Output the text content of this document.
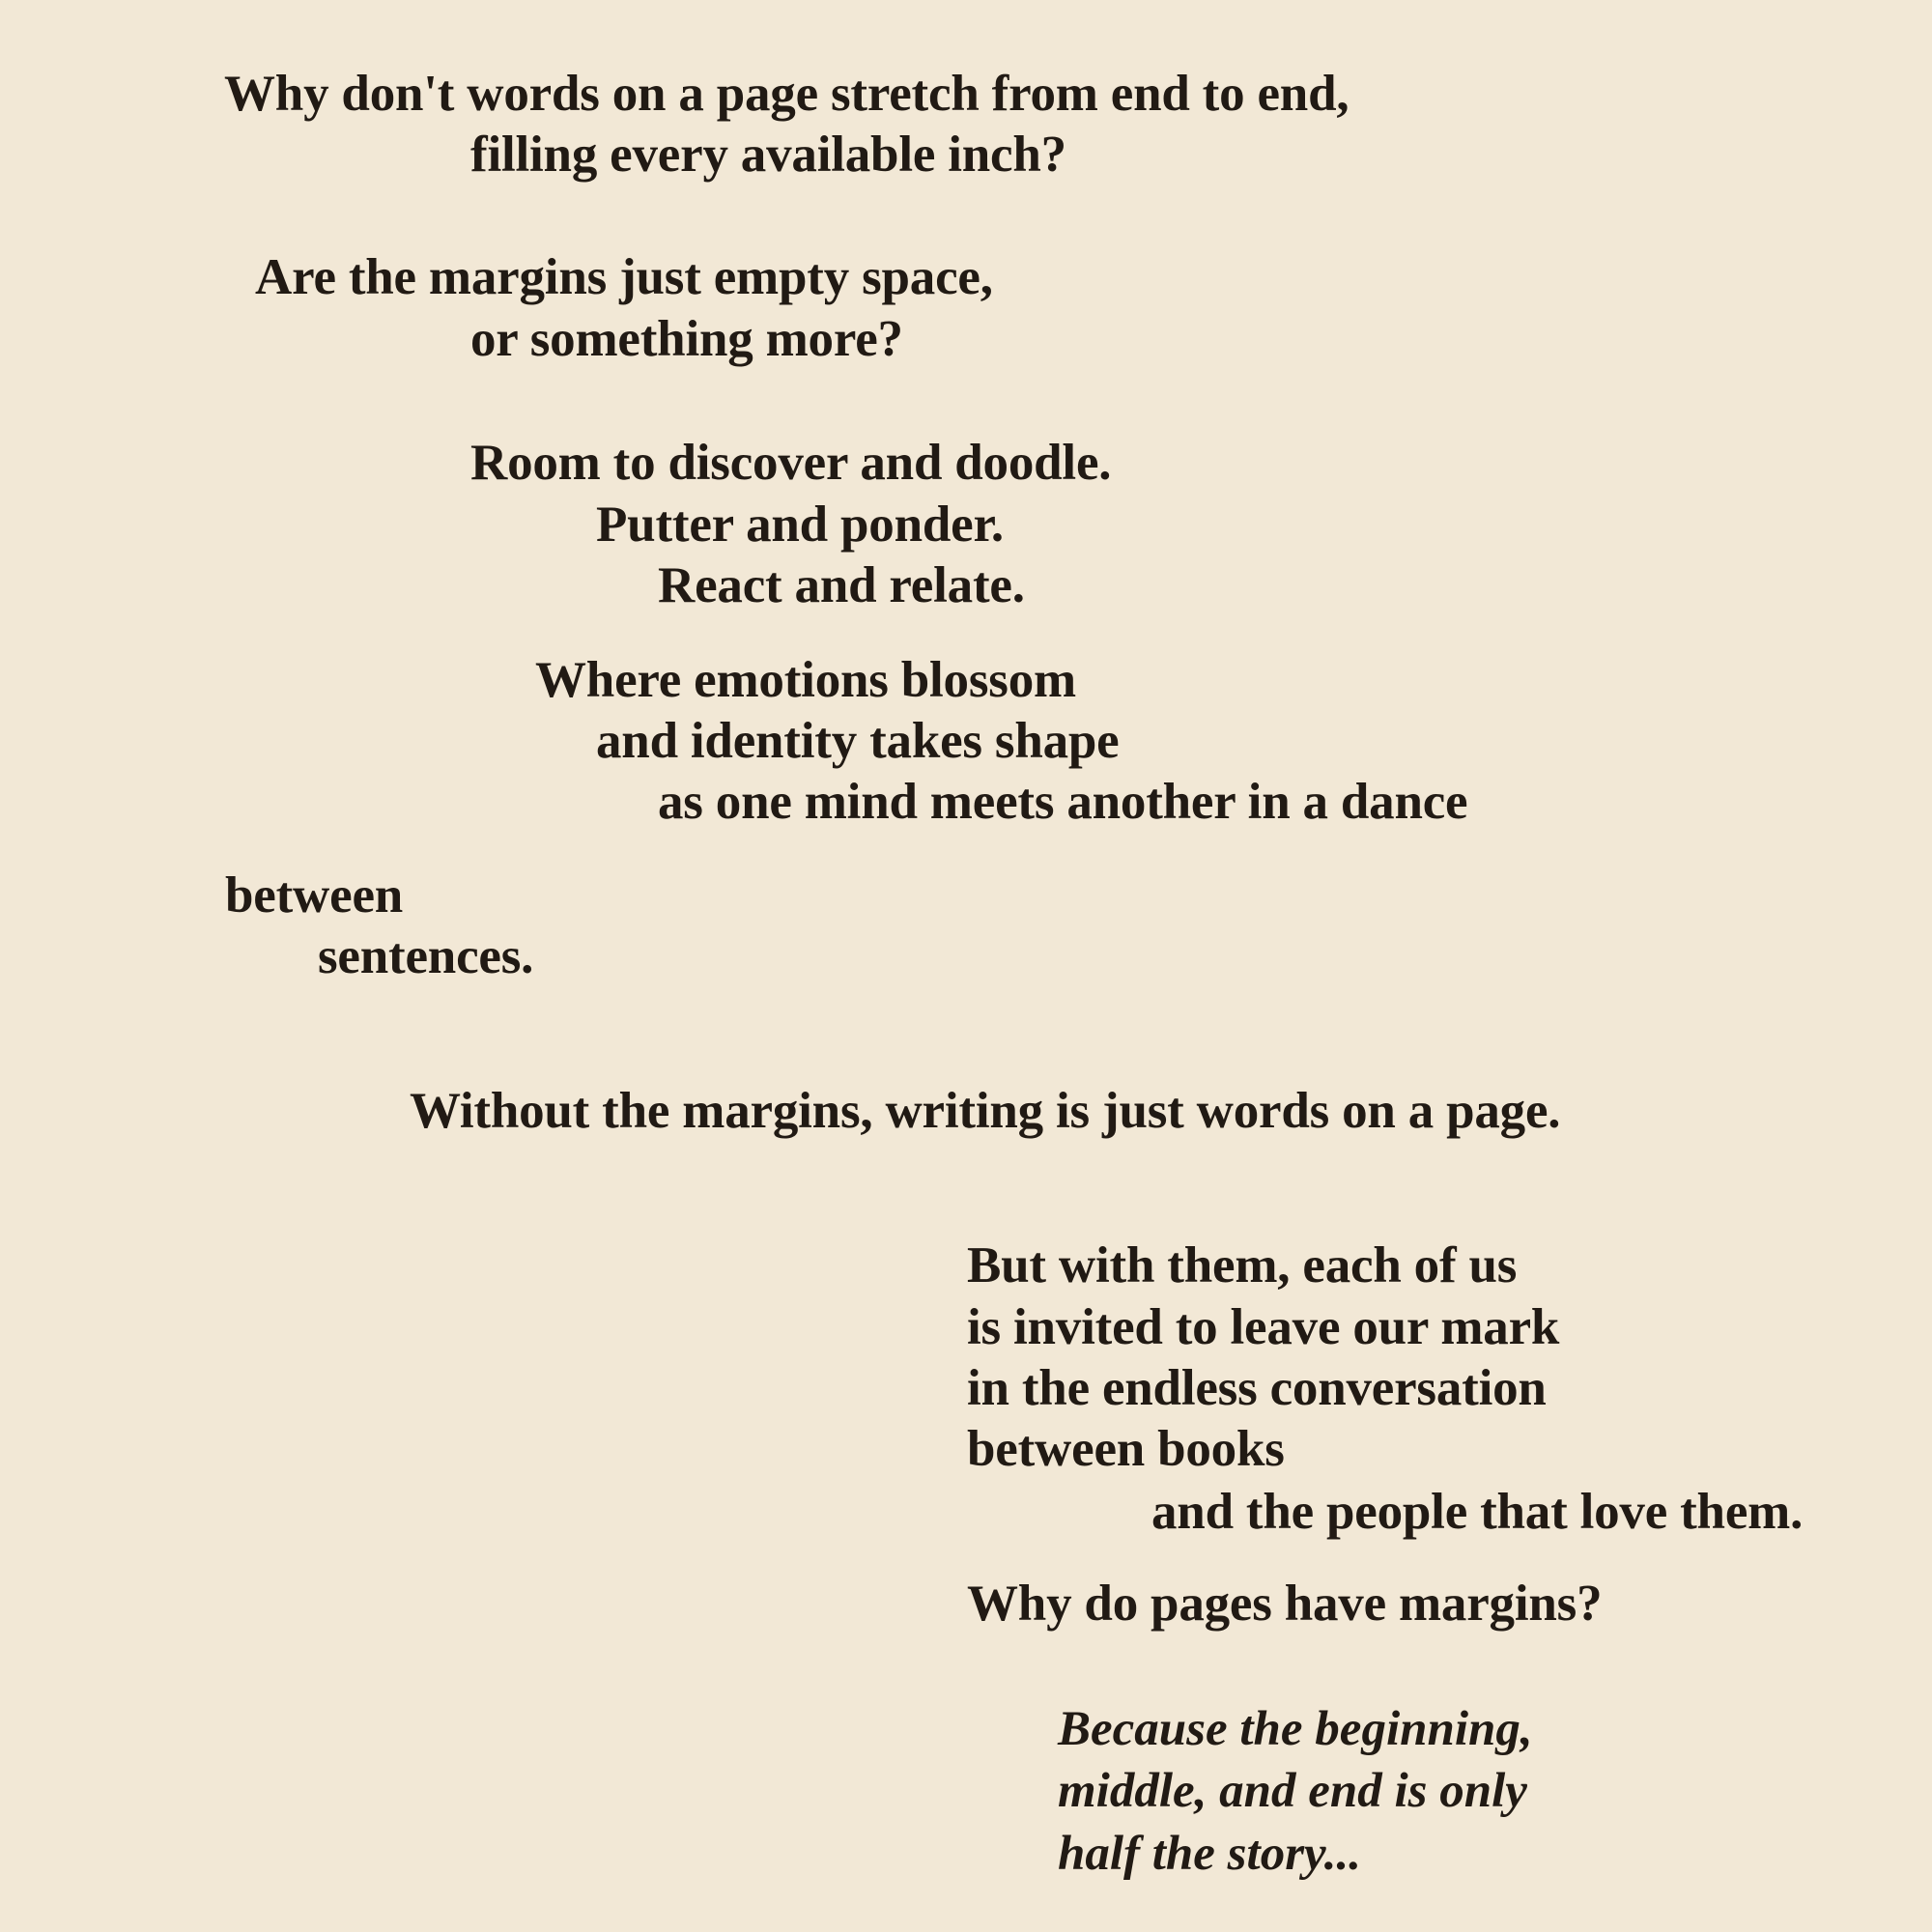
Why don't words on a page stretch from end to end,
filling every available inch?
Are the margins just empty space,
or something more?
Room to discover and doodle.
Putter and ponder.
React and relate.
Where emotions blossom
and identity takes shape
as one mind meets another in a dance
between
sentences.
Without the margins, writing is just words on a page.
But with them, each of us
is invited to leave our mark
in the endless conversation
between books
and the people that love them.
Why do pages have margins?
Because the beginning,
middle, and end is only
half the story...
